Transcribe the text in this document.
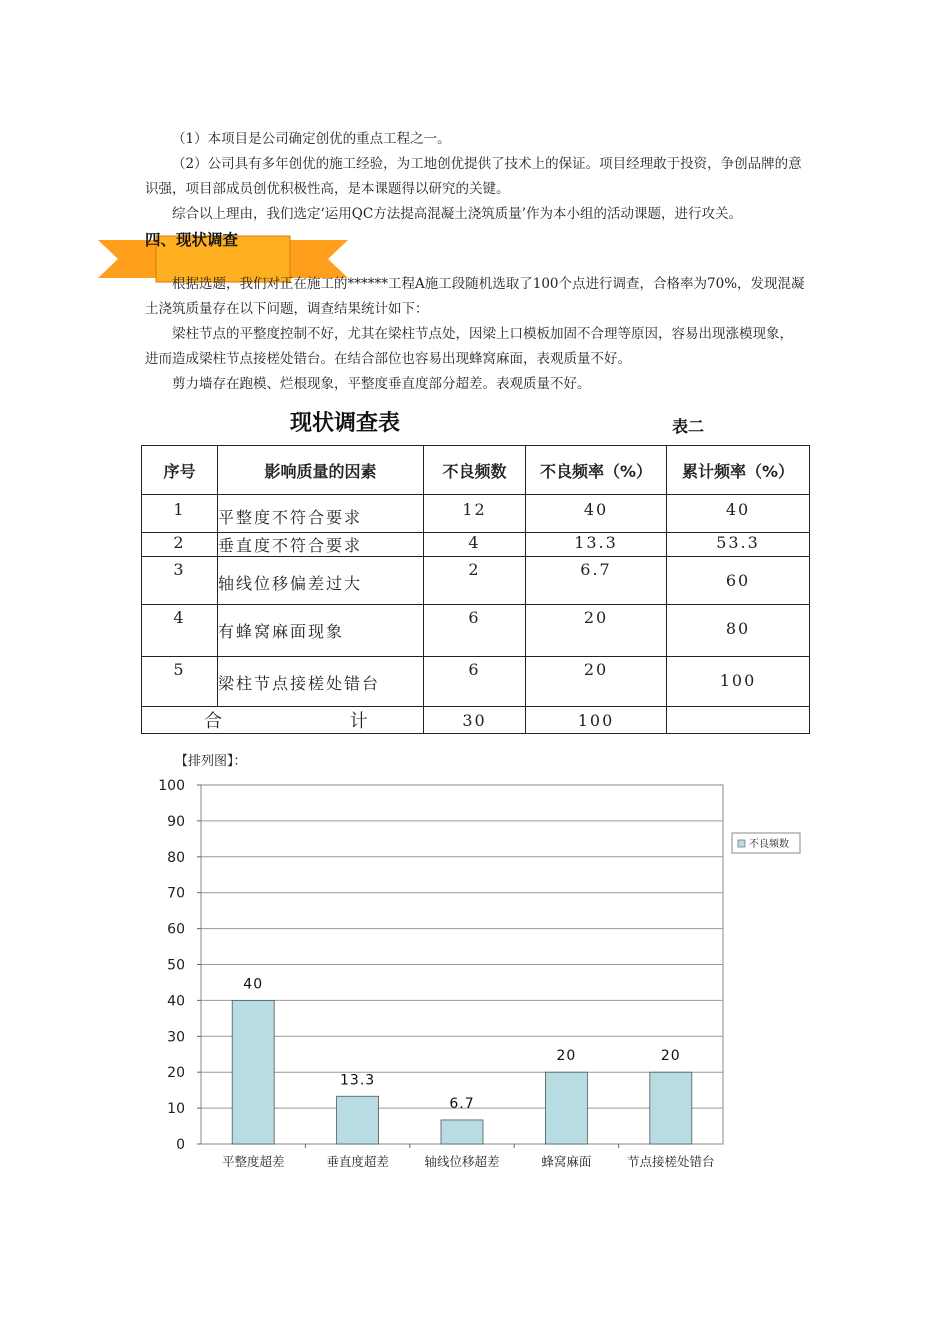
（1）本项目是公司确定创优的重点工程之一。

（2）公司具有多年创优的施工经验，为工地创优提供了技术上的保证。项目经理敢于投资，争创品牌的意识强，项目部成员创优积极性高，是本课题得以研究的关键。

综合以上理由，我们选定‘运用QC方法提高混凝土浇筑质量’作为本小组的活动课题，进行攻关。

四、现状调查

根据选题，我们对正在施工的******工程A施工段随机选取了100个点进行调查，合格率为70%，发现混凝土浇筑质量存在以下问题，调查结果统计如下：

梁柱节点的平整度控制不好，尤其在梁柱节点处，因梁上口模板加固不合理等原因，容易出现涨模现象，进而造成梁柱节点接槎处错台。在结合部位也容易出现蜂窝麻面，表观质量不好。

剪力墙存在跑模、烂根现象，平整度垂直度部分超差。表观质量不好。

现状调查表	表二
序号	影响质量的因素	不良频数	不良频率（%）	累计频率（%）
1	平整度不符合要求	12	40	40
2	垂直度不符合要求	4	13.3	53.3
3	轴线位移偏差过大	2	6.7	60
4	有蜂窝麻面现象	6	20	80
5	梁柱节点接槎处错台	6	20	100
合 计		30	100	
【排列图】：
0
10
20
30
40
50
60
70
80
90
100
40
平整度超差
13.3
垂直度超差
6.7
轴线位移超差
20
蜂窝麻面
20
节点接槎处错台
不良频数
